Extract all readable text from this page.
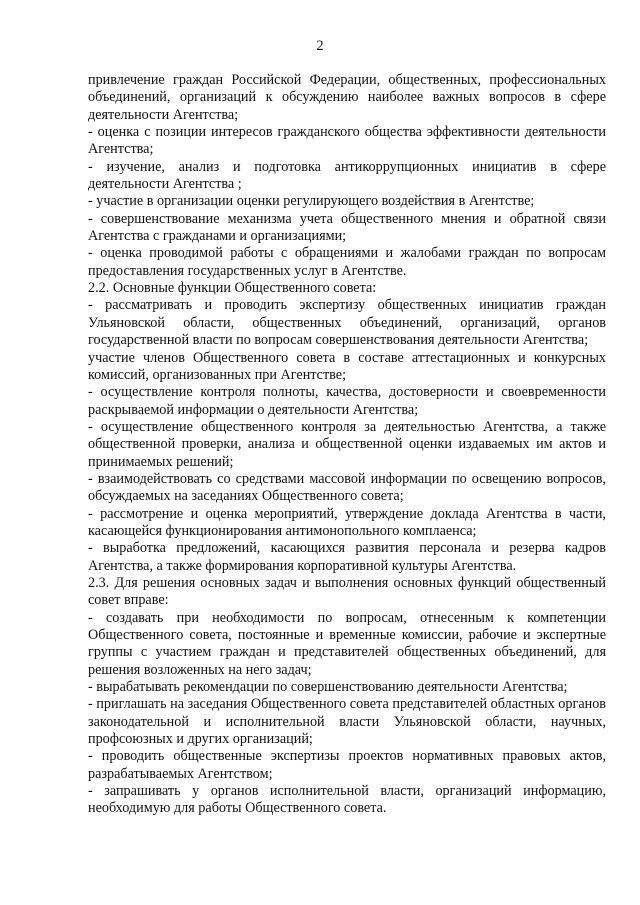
2

привлечение граждан Российской Федерации, общественных, профессиональных объединений, организаций к обсуждению наиболее важных вопросов в сфере деятельности Агентства;

- оценка с позиции интересов гражданского общества эффективности деятельности Агентства;

- изучение, анализ и подготовка антикоррупционных инициатив в сфере деятельности Агентства ;

- участие в организации оценки регулирующего воздействия в Агентстве;

- совершенствование механизма учета общественного мнения и обратной связи Агентства с гражданами и организациями;

- оценка проводимой работы с обращениями и жалобами граждан по вопросам предоставления государственных услуг в Агентстве.

2.2. Основные функции Общественного совета:

- рассматривать и проводить экспертизу общественных инициатив граждан Ульяновской области, общественных объединений, организаций, органов государственной власти по вопросам совершенствования деятельности Агентства;

участие членов Общественного совета в составе аттестационных и конкурсных комиссий, организованных при Агентстве;

- осуществление контроля полноты, качества, достоверности и своевременности раскрываемой информации о деятельности Агентства;

- осуществление общественного контроля за деятельностью Агентства, а также общественной проверки, анализа и общественной оценки издаваемых им актов и принимаемых решений;

- взаимодействовать со средствами массовой информации по освещению вопросов, обсуждаемых на заседаниях Общественного совета;

- рассмотрение и оценка мероприятий, утверждение доклада Агентства в части, касающейся функционирования антимонопольного комплаенса;

- выработка предложений, касающихся развития персонала и резерва кадров Агентства, а также формирования корпоративной культуры Агентства.

2.3. Для решения основных задач и выполнения основных функций общественный совет вправе:

- создавать при необходимости по вопросам, отнесенным к компетенции Общественного совета, постоянные и временные комиссии, рабочие и экспертные группы с участием граждан и представителей общественных объединений, для решения возложенных на него задач;

- вырабатывать рекомендации по совершенствованию деятельности Агентства;

- приглашать на заседания Общественного совета представителей областных органов законодательной и исполнительной власти Ульяновской области, научных, профсоюзных и других организаций;

- проводить общественные экспертизы проектов нормативных правовых актов, разрабатываемых Агентством;

- запрашивать у органов исполнительной власти, организаций информацию, необходимую для работы Общественного совета.
